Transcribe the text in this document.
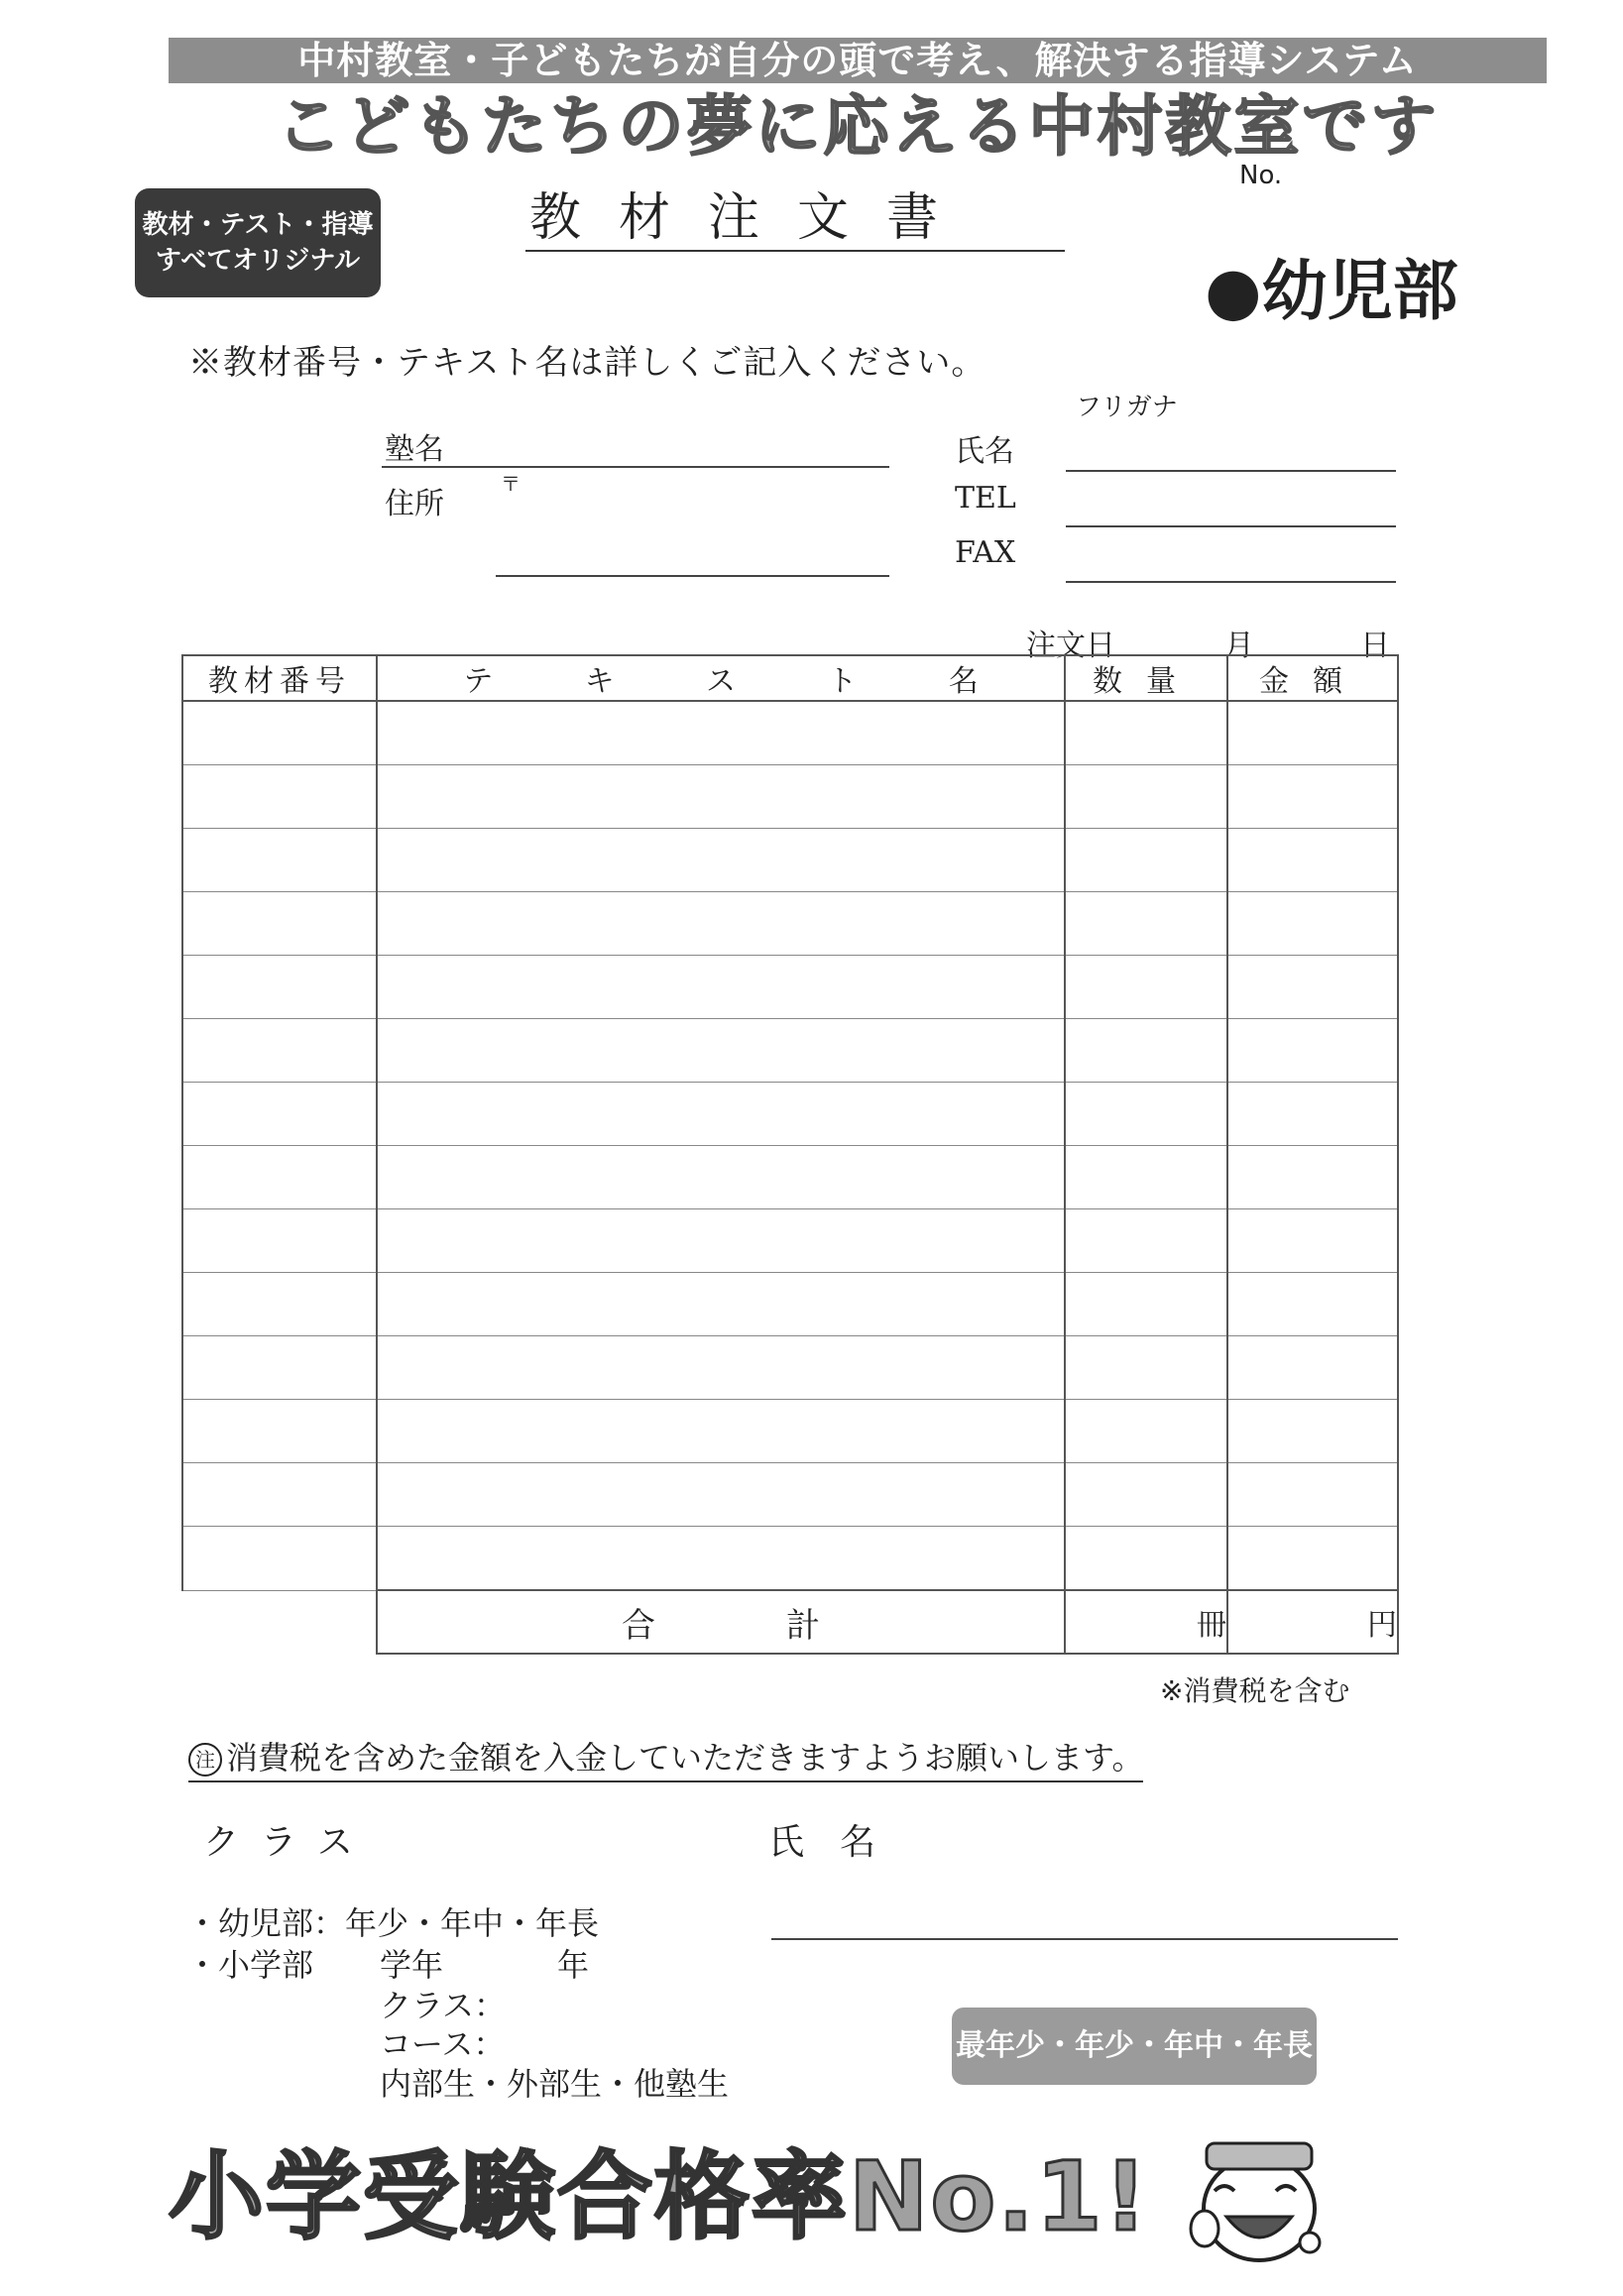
中村教室・子どもたちが自分の頭で考え、解決する指導システム
こどもたちの夢に応える中村教室です
No.
教材・テスト・指導
すべてオリジナル
教材注文書
●幼児部
※教材番号・テキスト名は詳しくご記入ください。
フリガナ
塾名
住所
〒
氏名
TEL
FAX
注文日	月	日
教材番号	テ キ ス ト 名	数量	金額

	合 計	冊	円
※消費税を含む
注 消費税を含めた金額を入金していただきますようお願いします。
クラス	氏名
・幼児部：年少・年中・年長
・小学部 学年	年
クラス：
コース：
内部生・外部生・他塾生
最年少・年少・年中・年長
小学受験合格率No.1!
